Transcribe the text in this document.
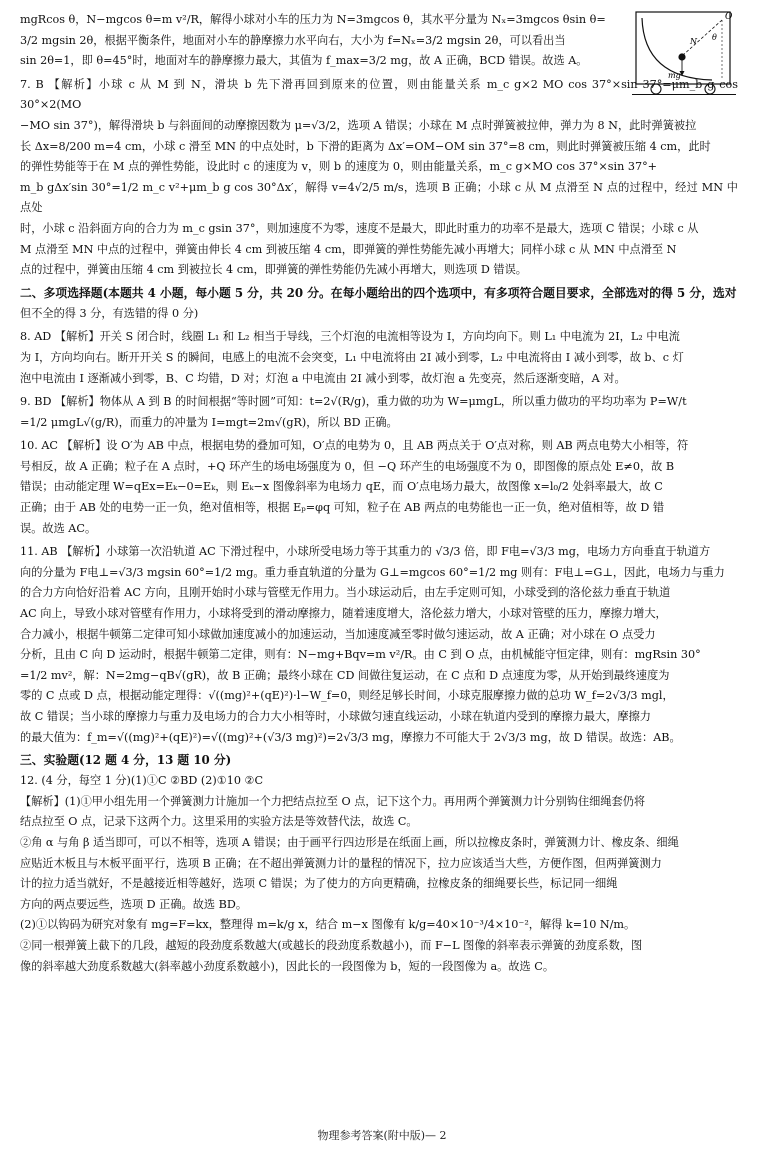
O
N θ
mg

mgRcos θ，N−mgcos θ=m v²/R，解得小球对小车的压力为 N=3mgcos θ，其水平分量为 Nₓ=3mgcos θsin θ=

3/2 mgsin 2θ，根据平衡条件，地面对小车的静摩擦力水平向右，大小为 f=Nₓ=3/2 mgsin 2θ，可以看出当

sin 2θ=1，即 θ=45°时，地面对车的静摩擦力最大，其值为 f_max=3/2 mg，故 A 正确，BCD 错误。故选 A。

7. B 【解析】小球 c 从 M 到 N，滑块 b 先下滑再回到原来的位置，则由能量关系 m_c g×2 MO cos 37°×sin 37°=μm_b g cos 30°×2(MO

−MO sin 37°)，解得滑块 b 与斜面间的动摩擦因数为 μ=√3/2，选项 A 错误；小球在 M 点时弹簧被拉伸，弹力为 8 N，此时弹簧被拉

长 Δx=8/200 m=4 cm，小球 c 滑至 MN 的中点处时，b 下滑的距离为 Δx′=OM−OM sin 37°=8 cm，则此时弹簧被压缩 4 cm，此时

的弹性势能等于在 M 点的弹性势能，设此时 c 的速度为 v，则 b 的速度为 0，则由能量关系，m_c g×MO cos 37°×sin 37°+

m_b gΔx′sin 30°=1/2 m_c v²+μm_b g cos 30°Δx′，解得 v=4√2/5 m/s，选项 B 正确；小球 c 从 M 点滑至 N 点的过程中，经过 MN 中点处

时，小球 c 沿斜面方向的合力为 m_c gsin 37°，则加速度不为零，速度不是最大，即此时重力的功率不是最大，选项 C 错误；小球 c 从

M 点滑至 MN 中点的过程中，弹簧由伸长 4 cm 到被压缩 4 cm，即弹簧的弹性势能先减小再增大；同样小球 c 从 MN 中点滑至 N

点的过程中，弹簧由压缩 4 cm 到被拉长 4 cm，即弹簧的弹性势能仍先减小再增大，则选项 D 错误。

二、多项选择题(本题共 4 小题，每小题 5 分，共 20 分。在每小题给出的四个选项中，有多项符合题目要求，全部选对的得 5 分，选对

但不全的得 3 分，有选错的得 0 分)

8. AD 【解析】开关 S 闭合时，线圈 L₁ 和 L₂ 相当于导线，三个灯泡的电流相等设为 I，方向均向下。则 L₁ 中电流为 2I，L₂ 中电流

为 I，方向均向右。断开开关 S 的瞬间，电感上的电流不会突变，L₁ 中电流将由 2I 减小到零，L₂ 中电流将由 I 减小到零，故 b、c 灯

泡中电流由 I 逐渐减小到零，B、C 均错，D 对；灯泡 a 中电流由 2I 减小到零，故灯泡 a 先变亮，然后逐渐变暗，A 对。

9. BD 【解析】物体从 A 到 B 的时间根据“等时圆”可知：t=2√(R/g)，重力做的功为 W=μmgL，所以重力做功的平均功率为 P=W/t

=1/2 μmgL√(g/R)，而重力的冲量为 I=mgt=2m√(gR)，所以 BD 正确。

10. AC 【解析】设 O′为 AB 中点，根据电势的叠加可知，O′点的电势为 0，且 AB 两点关于 O′点对称，则 AB 两点电势大小相等，符

号相反，故 A 正确；粒子在 A 点时，+Q 环产生的场电场强度为 0，但 −Q 环产生的电场强度不为 0，即图像的原点处 E≠0，故 B

错误；由动能定理 W=qEx=Eₖ−0=Eₖ，则 Eₖ−x 图像斜率为电场力 qE，而 O′点电场力最大，故图像 x=l₀/2 处斜率最大，故 C

正确；由于 AB 处的电势一正一负，绝对值相等，根据 Eₚ=φq 可知，粒子在 AB 两点的电势能也一正一负，绝对值相等，故 D 错

误。故选 AC。

11. AB 【解析】小球第一次沿轨道 AC 下滑过程中，小球所受电场力等于其重力的 √3/3 倍，即 F电=√3/3 mg，电场力方向垂直于轨道方

向的分量为 F电⊥=√3/3 mgsin 60°=1/2 mg。重力垂直轨道的分量为 G⊥=mgcos 60°=1/2 mg 则有：F电⊥=G⊥，因此，电场力与重力

的合力方向恰好沿着 AC 方向，且刚开始时小球与管壁无作用力。当小球运动后，由左手定则可知，小球受到的洛伦兹力垂直于轨道

AC 向上，导致小球对管壁有作用力，小球将受到的滑动摩擦力，随着速度增大，洛伦兹力增大，小球对管壁的压力，摩擦力增大，

合力减小，根据牛顿第二定律可知小球做加速度减小的加速运动，当加速度减至零时做匀速运动，故 A 正确；对小球在 O 点受力

分析，且由 C 向 D 运动时，根据牛顿第二定律，则有：N−mg+Bqv=m v²/R。由 C 到 O 点，由机械能守恒定律，则有：mgRsin 30°

=1/2 mv²，解：N=2mg−qB√(gR)，故 B 正确；最终小球在 CD 间做往复运动，在 C 点和 D 点速度为零，从开始到最终速度为

零的 C 点或 D 点，根据动能定理得：√((mg)²+(qE)²)·l−W_f=0，则经足够长时间，小球克服摩擦力做的总功 W_f=2√3/3 mgl，

故 C 错误；当小球的摩擦力与重力及电场力的合力大小相等时，小球做匀速直线运动，小球在轨道内受到的摩擦力最大，摩擦力

的最大值为：f_m=√((mg)²+(qE)²)=√((mg)²+(√3/3 mg)²)=2√3/3 mg，摩擦力不可能大于 2√3/3 mg，故 D 错误。故选：AB。

三、实验题(12 题 4 分，13 题 10 分)

12. (4 分，每空 1 分)(1)①C ②BD (2)①10 ②C

【解析】(1)①甲小组先用一个弹簧测力计施加一个力把结点拉至 O 点，记下这个力。再用两个弹簧测力计分别钩住细绳套仍将

结点拉至 O 点，记录下这两个力。这里采用的实验方法是等效替代法，故选 C。

②角 α 与角 β 适当即可，可以不相等，选项 A 错误；由于画平行四边形是在纸面上画，所以拉橡皮条时，弹簧测力计、橡皮条、细绳

应贴近木板且与木板平面平行，选项 B 正确；在不超出弹簧测力计的量程的情况下，拉力应该适当大些，方便作图，但两弹簧测力

计的拉力适当就好，不是越接近相等越好，选项 C 错误；为了使力的方向更精确，拉橡皮条的细绳要长些，标记同一细绳

方向的两点要远些，选项 D 正确。故选 BD。

(2)①以钩码为研究对象有 mg=F=kx，整理得 m=k/g x，结合 m−x 图像有 k/g=40×10⁻³/4×10⁻²，解得 k=10 N/m。

②同一根弹簧上截下的几段，越短的段劲度系数越大(或越长的段劲度系数越小)，而 F−L 图像的斜率表示弹簧的劲度系数，图

像的斜率越大劲度系数越大(斜率越小劲度系数越小)，因此长的一段图像为 b，短的一段图像为 a。故选 C。

物理参考答案(附中版)— 2
